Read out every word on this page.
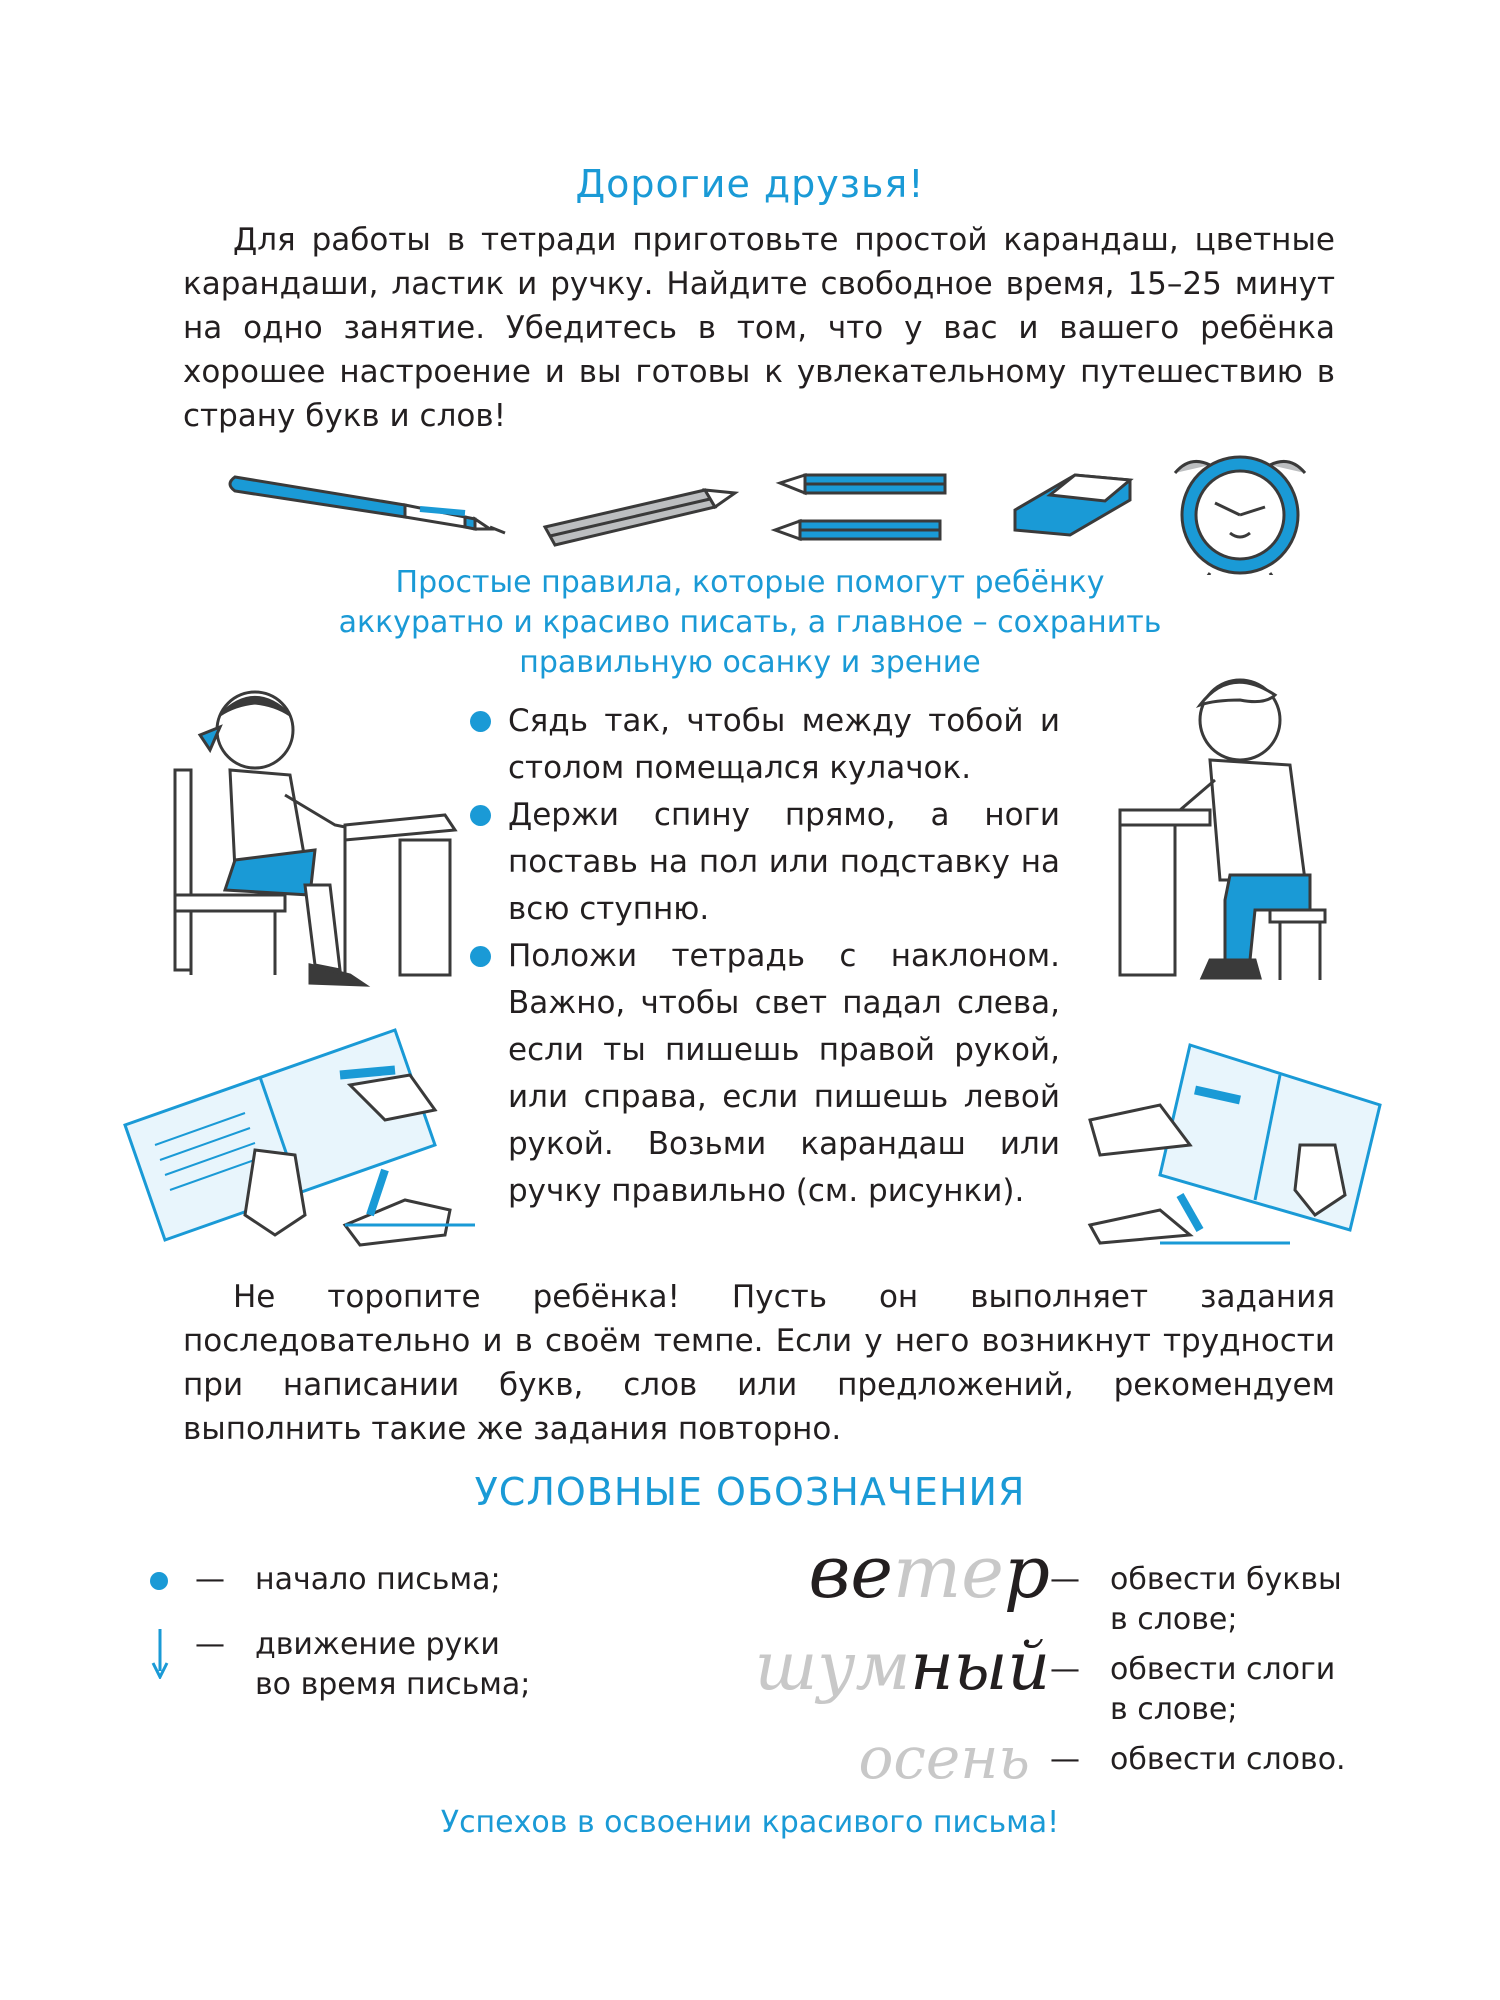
Дорогие друзья!

Для работы в тетради приготовьте простой карандаш, цветные карандаши, ластик и ручку. Найдите свободное время, 15–25 минут на одно занятие. Убедитесь в том, что у вас и вашего ребёнка хорошее настроение и вы готовы к увлекательному путешествию в страну букв и слов!

Простые правила, которые помогут ребёнку
аккуратно и красиво писать, а главное – сохранить
правильную осанку и зрение
Сядь так, чтобы между тобой и столом помещался кулачок.
Держи спину прямо, а ноги поставь на пол или подставку на всю ступню.
Положи тетрадь с наклоном. Важно, чтобы свет падал слева, если ты пишешь правой рукой, или справа, если пишешь левой рукой. Возьми карандаш или ручку правильно (см. рисунки).

Не торопите ребёнка! Пусть он выполняет задания последовательно и в своём темпе. Если у него возникнут трудности при написании букв, слов или предложений, рекомендуем выполнить такие же задания повторно.

УСЛОВНЫЕ ОБОЗНАЧЕНИЯ
— начало письма;
— движение руки
во время письма;
ветер
шумный
осень
— обвести буквы
в слове;
— обвести слоги
в слове;
— обвести слово.
Успехов в освоении красивого письма!
